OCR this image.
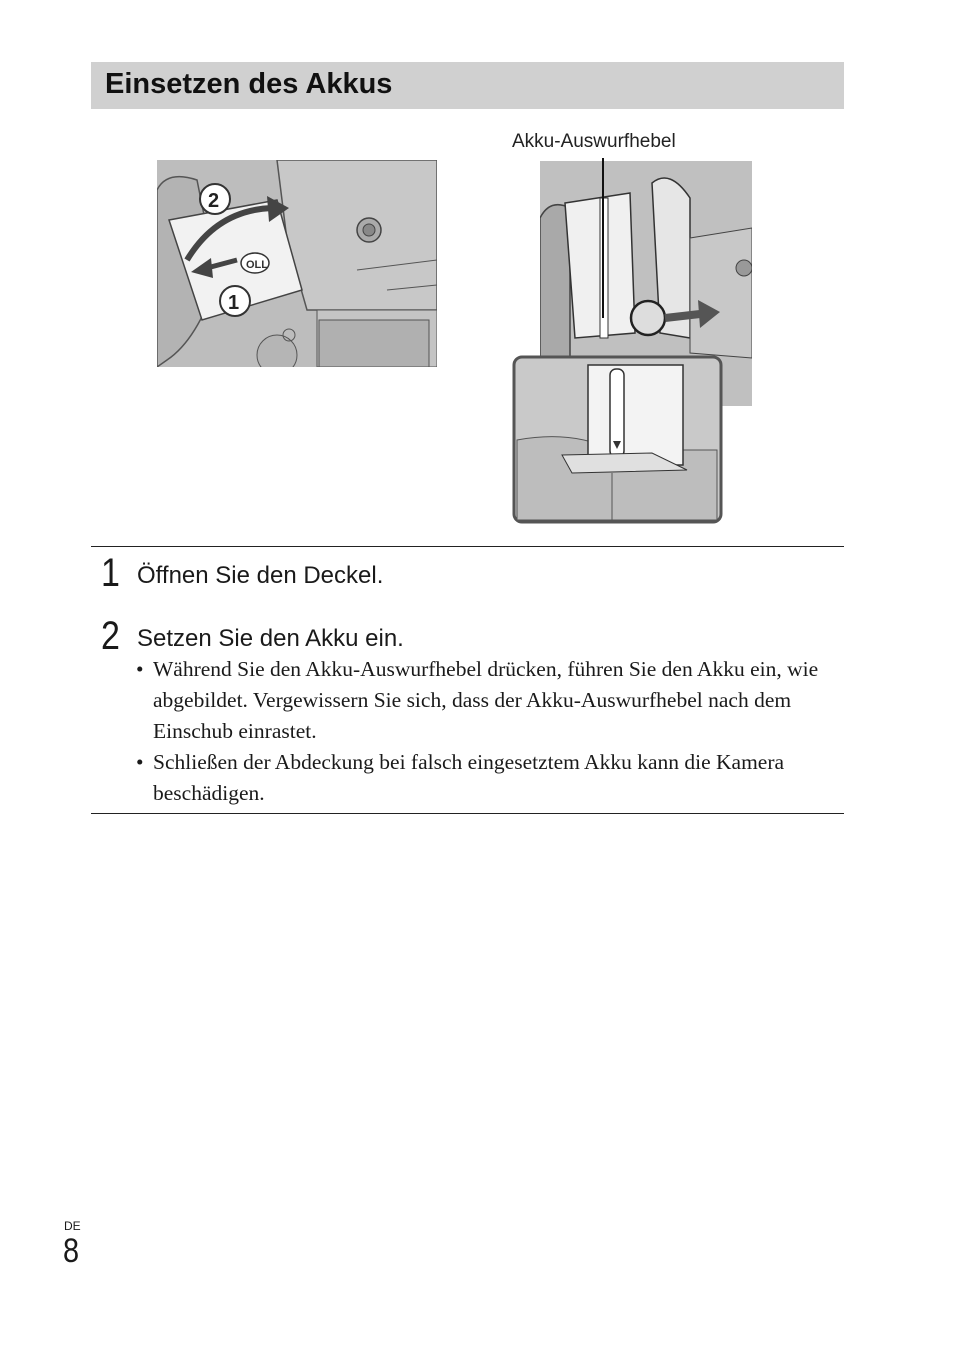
Einsetzen des Akkus
OLL
2
1
Akku-Auswurfhebel
1 Öffnen Sie den Deckel.
2 Setzen Sie den Akku ein.
• Während Sie den Akku-Auswurfhebel drücken, führen Sie den Akku ein, wie abgebildet. Vergewissern Sie sich, dass der Akku-Auswurfhebel nach dem Einschub einrastet.
• Schließen der Abdeckung bei falsch eingesetztem Akku kann die Kamera beschädigen.
DE
8
